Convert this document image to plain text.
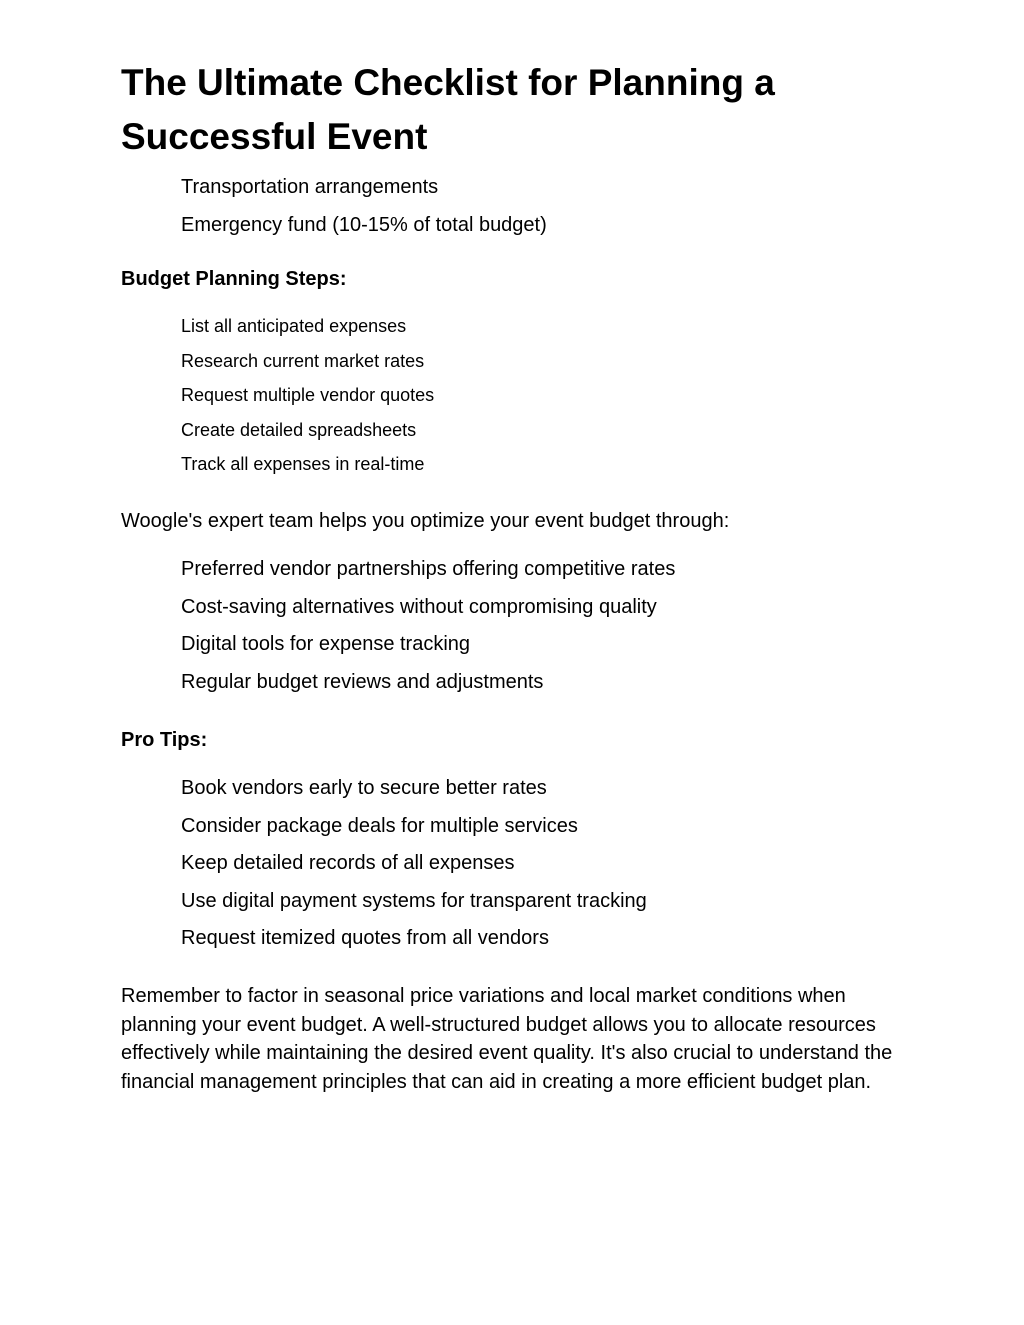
The Ultimate Checklist for Planning a Successful Event
Transportation arrangements
Emergency fund (10-15% of total budget)
Budget Planning Steps:
List all anticipated expenses
Research current market rates
Request multiple vendor quotes
Create detailed spreadsheets
Track all expenses in real-time

Woogle's expert team helps you optimize your event budget through:

Preferred vendor partnerships offering competitive rates
Cost-saving alternatives without compromising quality
Digital tools for expense tracking
Regular budget reviews and adjustments
Pro Tips:
Book vendors early to secure better rates
Consider package deals for multiple services
Keep detailed records of all expenses
Use digital payment systems for transparent tracking
Request itemized quotes from all vendors

Remember to factor in seasonal price variations and local market conditions when planning your event budget. A well-structured budget allows you to allocate resources effectively while maintaining the desired event quality. It's also crucial to understand the financial management principles that can aid in creating a more efficient budget plan.
